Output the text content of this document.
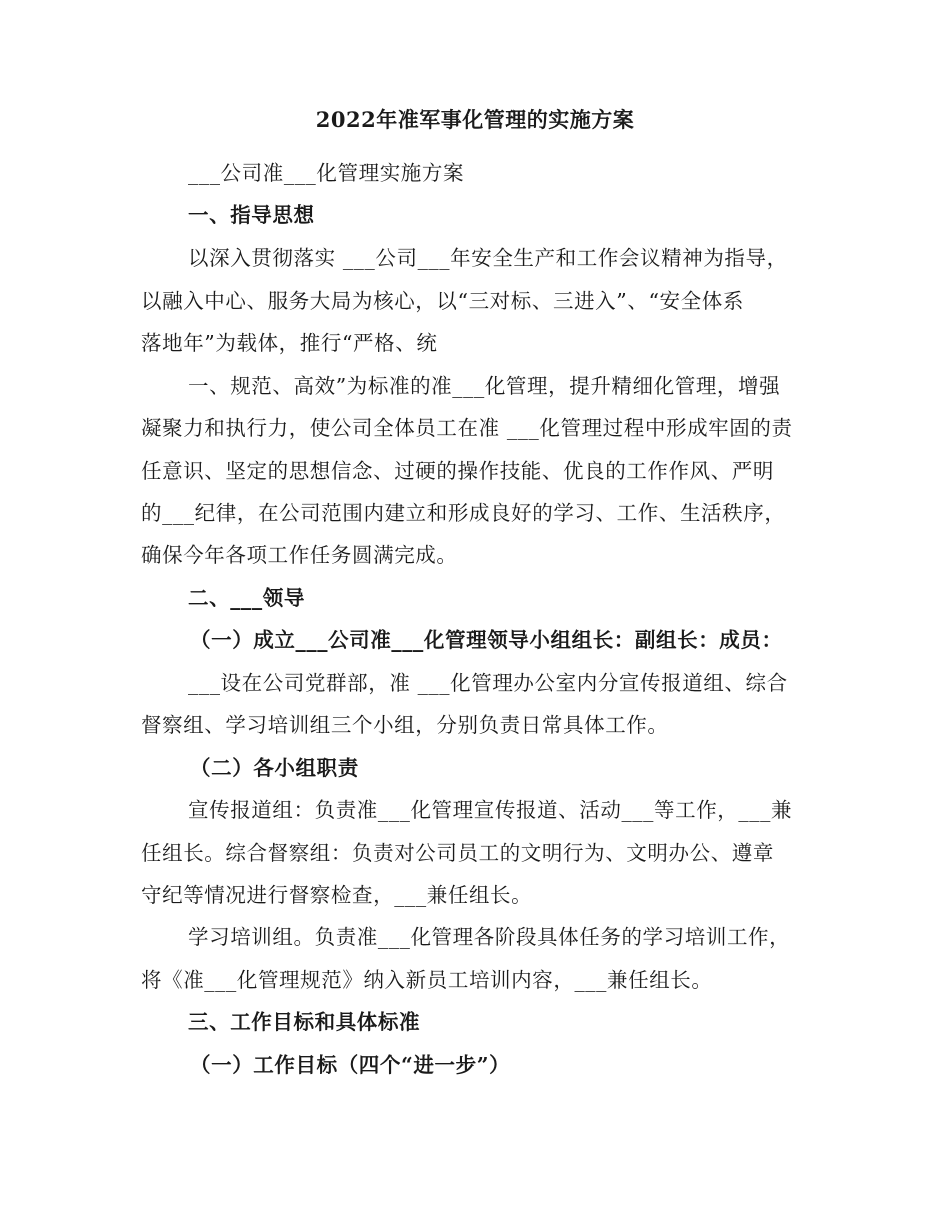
2022年准军事化管理的实施方案
___公司准___化管理实施方案
一、指导思想
以深入贯彻落实 ___公司___年安全生产和工作会议精神为指导，
以融入中心、服务大局为核心，以“三对标、三进入”、“安全体系
落地年”为载体，推行“严格、统
一、规范、高效”为标准的准___化管理，提升精细化管理，增强
凝聚力和执行力，使公司全体员工在准 ___化管理过程中形成牢固的责
任意识、坚定的思想信念、过硬的操作技能、优良的工作作风、严明
的___纪律，在公司范围内建立和形成良好的学习、工作、生活秩序，
确保今年各项工作任务圆满完成。
二、___领导
（一）成立___公司准___化管理领导小组组长：副组长：成员：
___设在公司党群部，准 ___化管理办公室内分宣传报道组、综合
督察组、学习培训组三个小组，分别负责日常具体工作。
（二）各小组职责
宣传报道组：负责准___化管理宣传报道、活动___等工作，___兼
任组长。综合督察组：负责对公司员工的文明行为、文明办公、遵章
守纪等情况进行督察检查，___兼任组长。
学习培训组。负责准___化管理各阶段具体任务的学习培训工作，
将《准___化管理规范》纳入新员工培训内容，___兼任组长。
三、工作目标和具体标准
（一）工作目标（四个“进一步”）
